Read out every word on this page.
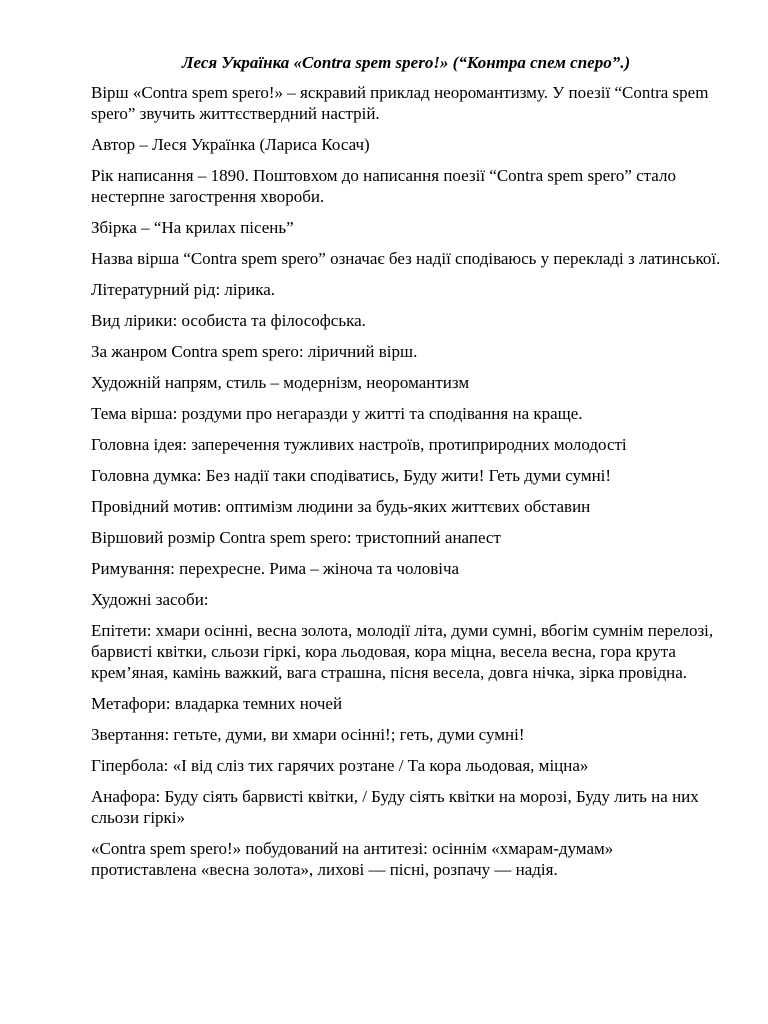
Леся Українка «Contra spem spero!» (“Контра спем сперо”.)

Вірш «Contra spem spero!» – яскравий приклад неоромантизму. У поезії “Contra spem spero” звучить життєствердний настрій.

Автор – Леся Українка (Лариса Косач)

Рік написання – 1890. Поштовхом до написання поезії “Contra spem spero” стало нестерпне загострення хвороби.

Збірка – “На крилах пісень”

Назва вірша “Contra spem spero” означає без надії сподіваюсь у перекладі з латинської.

Літературний рід: лірика.

Вид лірики: особиста та філософська.

За жанром Contra spem spero: ліричний вірш.

Художній напрям, стиль – модернізм, неоромантизм

Тема вірша: роздуми про негаразди у житті та сподівання на краще.

Головна ідея: заперечення тужливих настроїв, протиприродних молодості

Головна думка: Без надії таки сподіватись, Буду жити! Геть думи сумні!

Провідний мотив: оптимізм людини за будь-яких життєвих обставин

Віршовий розмір Contra spem spero: тристопний анапест

Римування: перехресне. Рима – жіноча та чоловіча

Художні засоби:

Епітети: хмари осінні, весна золота, молодії літа, думи сумні, вбогім сумнім перелозі, барвисті квітки, сльози гіркі, кора льодовая, кора міцна, весела весна, гора крута крем’яная, камінь важкий, вага страшна, пісня весела, довга нічка, зірка провідна.

Метафори: владарка темних ночей

Звертання: гетьте, думи, ви хмари осінні!; геть, думи сумні!

Гіпербола: «І від сліз тих гарячих розтане / Та кора льодовая, міцна»

Анафора: Буду сіять барвисті квітки, / Буду сіять квітки на морозі, Буду лить на них сльози гіркі»

«Contra spem spero!» побудований на антитезі: осіннім «хмарам-думам» протиставлена «весна золота», лихові — пісні, розпачу — надія.
